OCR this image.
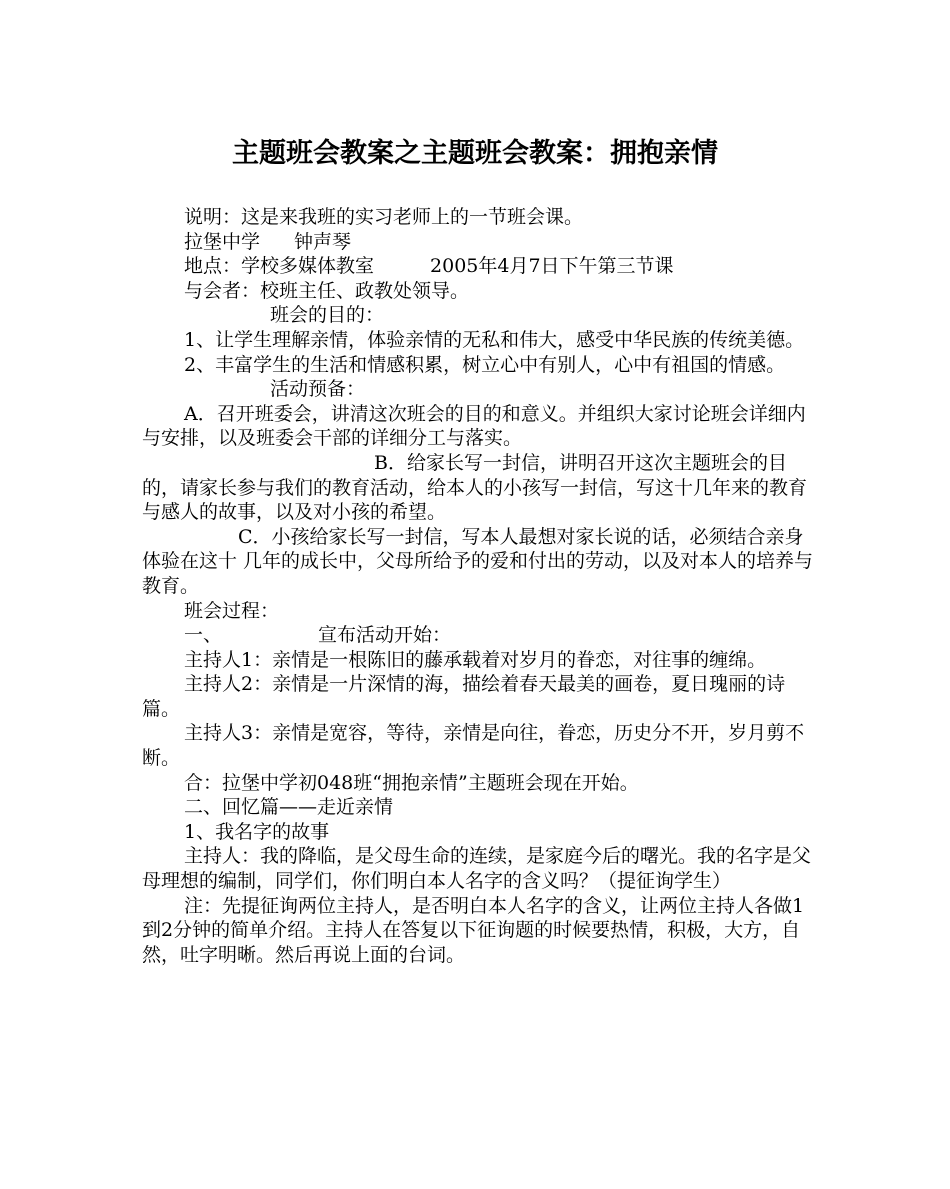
主题班会教案之主题班会教案：拥抱亲情

说明：这是来我班的实习老师上的一节班会课。

拉堡中学 钟声琴

地点：学校多媒体教室	2005年4月7日下午第三节课

与会者：校班主任、政教处领导。

班会的目的：

1、让学生理解亲情，体验亲情的无私和伟大，感受中华民族的传统美德。

2、丰富学生的生活和情感积累，树立心中有别人，心中有祖国的情感。

活动预备：

A．召开班委会，讲清这次班会的目的和意义。并组织大家讨论班会详细内与安排，以及班委会干部的详细分工与落实。

B．给家长写一封信，讲明召开这次主题班会的目的，请家长参与我们的教育活动，给本人的小孩写一封信，写这十几年来的教育与感人的故事，以及对小孩的希望。

C．小孩给家长写一封信，写本人最想对家长说的话，必须结合亲身体验在这十 几年的成长中，父母所给予的爱和付出的劳动，以及对本人的培养与教育。

班会过程：

一、	宣布活动开始：

主持人1：亲情是一根陈旧的藤承载着对岁月的眷恋，对往事的缠绵。

主持人2：亲情是一片深情的海，描绘着春天最美的画卷，夏日瑰丽的诗篇。

主持人3：亲情是宽容，等待，亲情是向往，眷恋，历史分不开，岁月剪不断。

合：拉堡中学初048班“拥抱亲情”主题班会现在开始。

二、回忆篇——走近亲情

1、我名字的故事

主持人：我的降临，是父母生命的连续，是家庭今后的曙光。我的名字是父母理想的编制，同学们，你们明白本人名字的含义吗？（提征询学生）

注：先提征询两位主持人，是否明白本人名字的含义，让两位主持人各做1到2分钟的简单介绍。主持人在答复以下征询题的时候要热情，积极，大方，自然，吐字明晰。然后再说上面的台词。
